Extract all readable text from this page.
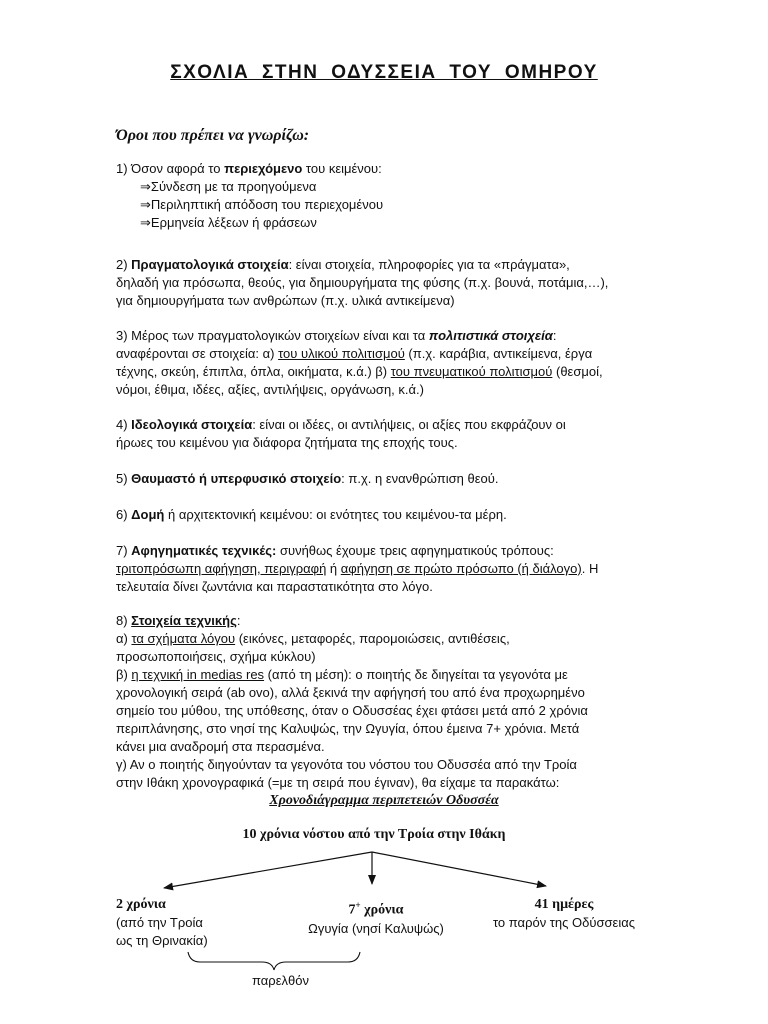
ΣΧΟΛΙΑ ΣΤΗΝ ΟΔΥΣΣΕΙΑ ΤΟΥ ΟΜΗΡΟΥ
Όροι που πρέπει να γνωρίζω:
1) Όσον αφορά το περιεχόμενο του κειμένου:
⇒Σύνδεση με τα προηγούμενα
⇒Περιληπτική απόδοση του περιεχομένου
⇒Ερμηνεία λέξεων ή φράσεων
2) Πραγματολογικά στοιχεία: είναι στοιχεία, πληροφορίες για τα «πράγματα»,
δηλαδή για πρόσωπα, θεούς, για δημιουργήματα της φύσης (π.χ. βουνά, ποτάμια,…),
για δημιουργήματα των ανθρώπων (π.χ. υλικά αντικείμενα)
3) Μέρος των πραγματολογικών στοιχείων είναι και τα πολιτιστικά στοιχεία:
αναφέρονται σε στοιχεία: α) του υλικού πολιτισμού (π.χ. καράβια, αντικείμενα, έργα
τέχνης, σκεύη, έπιπλα, όπλα, οικήματα, κ.ά.) β) του πνευματικού πολιτισμού (θεσμοί,
νόμοι, έθιμα, ιδέες, αξίες, αντιλήψεις, οργάνωση, κ.ά.)
4) Ιδεολογικά στοιχεία: είναι οι ιδέες, οι αντιλήψεις, οι αξίες που εκφράζουν οι
ήρωες του κειμένου για διάφορα ζητήματα της εποχής τους.
5) Θαυμαστό ή υπερφυσικό στοιχείο: π.χ. η ενανθρώπιση θεού.
6) Δομή ή αρχιτεκτονική κειμένου: οι ενότητες του κειμένου-τα μέρη.
7) Αφηγηματικές τεχνικές: συνήθως έχουμε τρεις αφηγηματικούς τρόπους:
τριτοπρόσωπη αφήγηση, περιγραφή ή αφήγηση σε πρώτο πρόσωπο (ή διάλογο). Η
τελευταία δίνει ζωντάνια και παραστατικότητα στο λόγο.
8) Στοιχεία τεχνικής:
α) τα σχήματα λόγου (εικόνες, μεταφορές, παρομοιώσεις, αντιθέσεις,
προσωποποιήσεις, σχήμα κύκλου)
β) η τεχνική in medias res (από τη μέση): ο ποιητής δε διηγείται τα γεγονότα με
χρονολογική σειρά (ab ovo), αλλά ξεκινά την αφήγησή του από ένα προχωρημένο
σημείο του μύθου, της υπόθεσης, όταν ο Οδυσσέας έχει φτάσει μετά από 2 χρόνια
περιπλάνησης, στο νησί της Καλυψώς, την Ωγυγία, όπου έμεινα 7+ χρόνια. Μετά
κάνει μια αναδρομή στα περασμένα.
γ) Αν ο ποιητής διηγούνταν τα γεγονότα του νόστου του Οδυσσέα από την Τροία
στην Ιθάκη χρονογραφικά (=με τη σειρά που έγιναν), θα είχαμε τα παρακάτω:
Χρονοδιάγραμμα περιπετειών Οδυσσέα
10 χρόνια νόστου από την Τροία στην Ιθάκη
2 χρόνια
(από την Τροία
ως τη Θρινακία)
7+ χρόνια
Ωγυγία (νησί Καλυψώς)
41 ημέρες
το παρόν της Οδύσσειας
παρελθόν
